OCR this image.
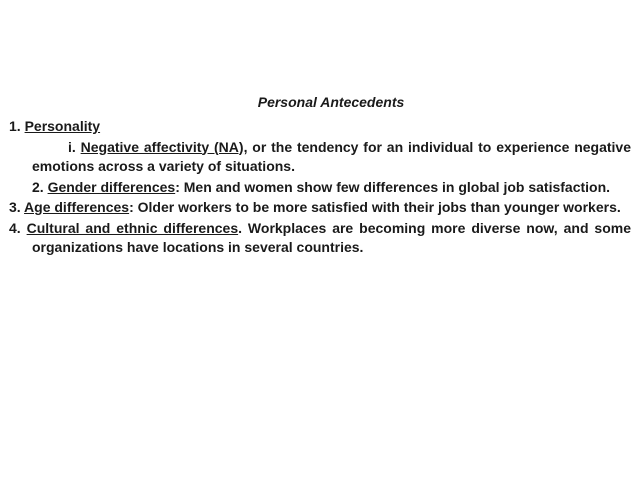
Personal Antecedents
1. Personality
i. Negative affectivity (NA), or the tendency for an individual to experience negative emotions across a variety of situations.
2. Gender differences: Men and women show few differences in global job satisfaction.
3. Age differences: Older workers to be more satisfied with their jobs than younger workers.
4. Cultural and ethnic differences. Workplaces are becoming more diverse now, and some organizations have locations in several countries.
